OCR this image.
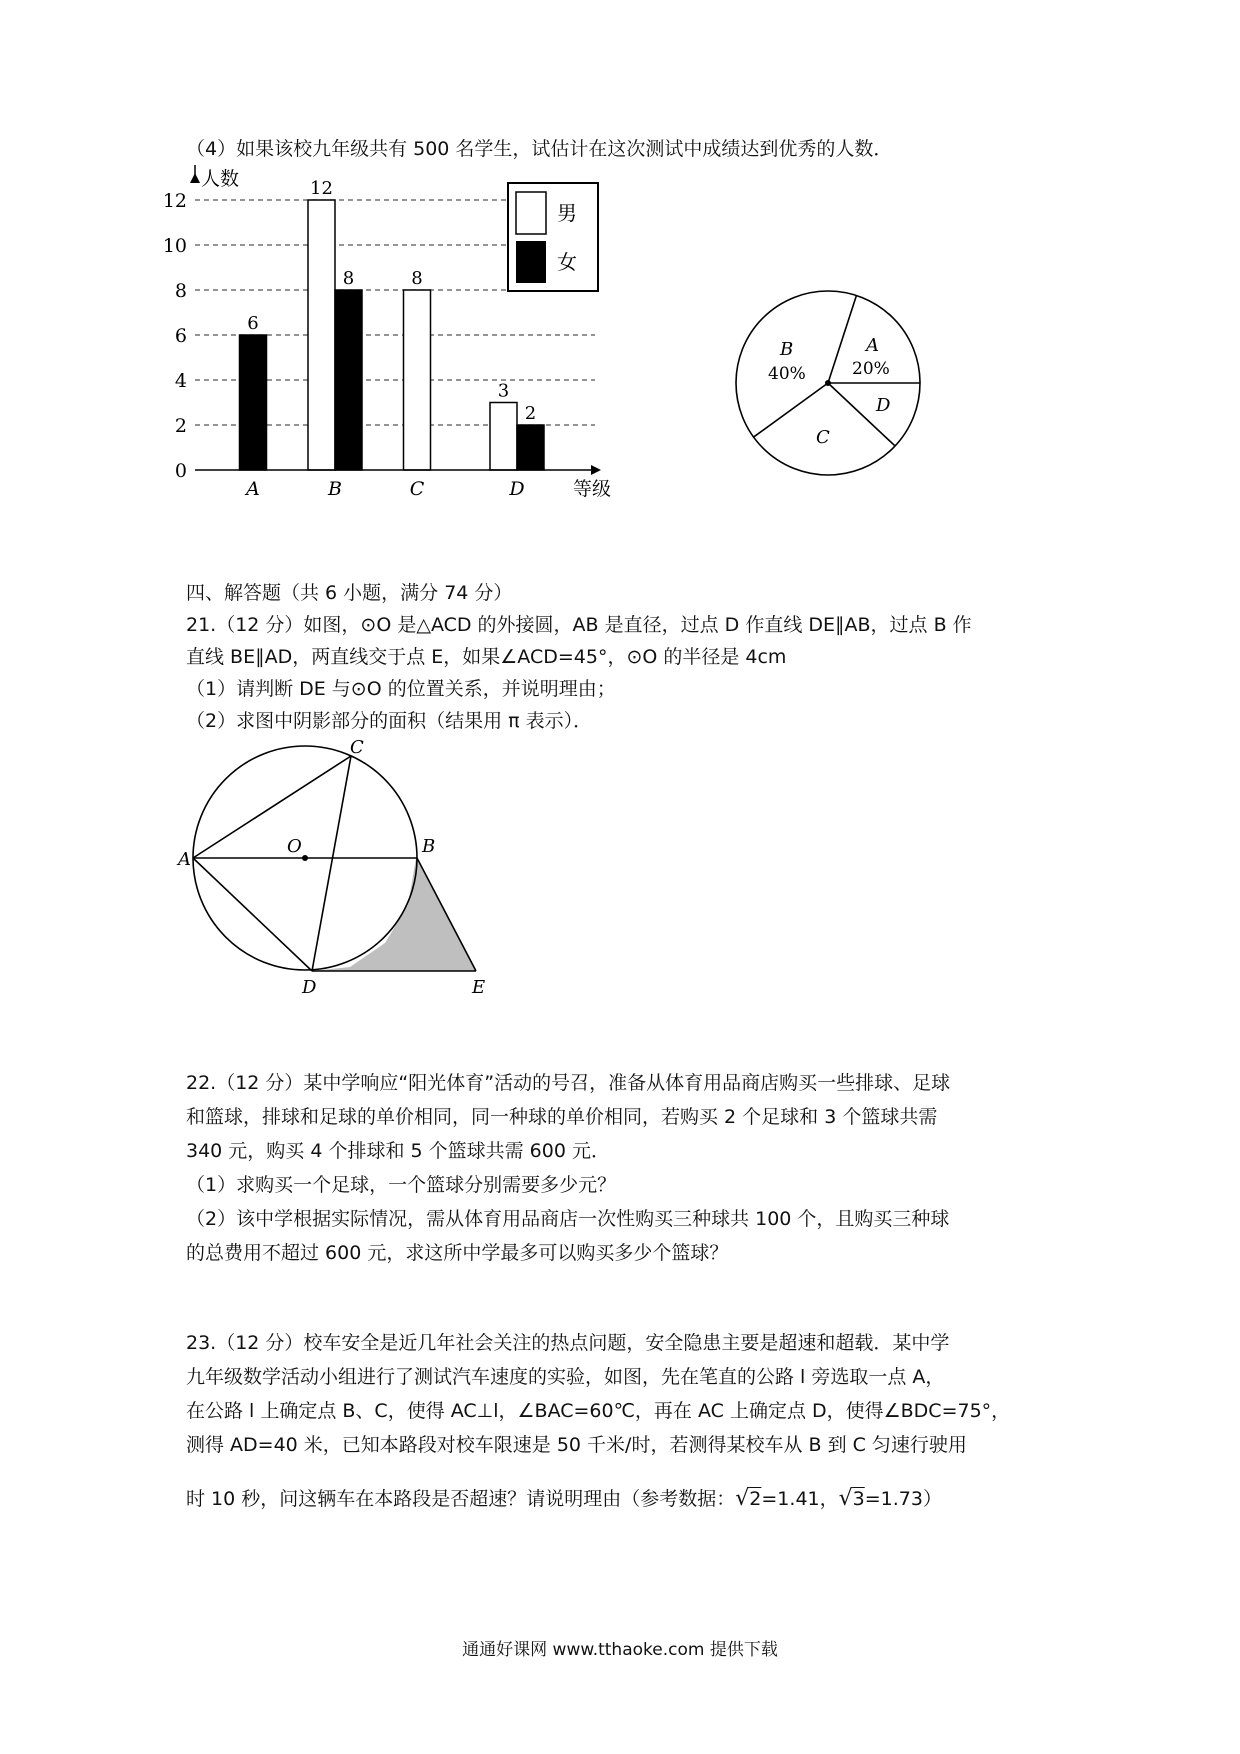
（4）如果该校九年级共有 500 名学生，试估计在这次测试中成绩达到优秀的人数．
0
2
4
6
8
10
12
A
6
B
12
8
C
8
D
3
2
人数
等级
男
女
B
40%
A
20%
D
C
四、解答题（共 6 小题，满分 74 分）
21.（12 分）如图，⊙O 是△ACD 的外接圆，AB 是直径，过点 D 作直线 DE∥AB，过点 B 作
直线 BE∥AD，两直线交于点 E，如果∠ACD=45°，⊙O 的半径是 4cm
（1）请判断 DE 与⊙O 的位置关系，并说明理由；
（2）求图中阴影部分的面积（结果用 π 表示）．
A
O	B
C
D	E
22.（12 分）某中学响应“阳光体育”活动的号召，准备从体育用品商店购买一些排球、足球
和篮球，排球和足球的单价相同，同一种球的单价相同，若购买 2 个足球和 3 个篮球共需
340 元，购买 4 个排球和 5 个篮球共需 600 元．
（1）求购买一个足球，一个篮球分别需要多少元？
（2）该中学根据实际情况，需从体育用品商店一次性购买三种球共 100 个，且购买三种球
的总费用不超过 600 元，求这所中学最多可以购买多少个篮球？
23.（12 分）校车安全是近几年社会关注的热点问题，安全隐患主要是超速和超载．某中学
九年级数学活动小组进行了测试汽车速度的实验，如图，先在笔直的公路 l 旁选取一点 A，
在公路 l 上确定点 B、C，使得 AC⊥l，∠BAC=60℃，再在 AC 上确定点 D，使得∠BDC=75°，
测得 AD=40 米，已知本路段对校车限速是 50 千米/时，若测得某校车从 B 到 C 匀速行驶用
时 10 秒，问这辆车在本路段是否超速？请说明理由（参考数据：√2=1.41，√3=1.73）
通通好课网 www.tthaoke.com 提供下载
